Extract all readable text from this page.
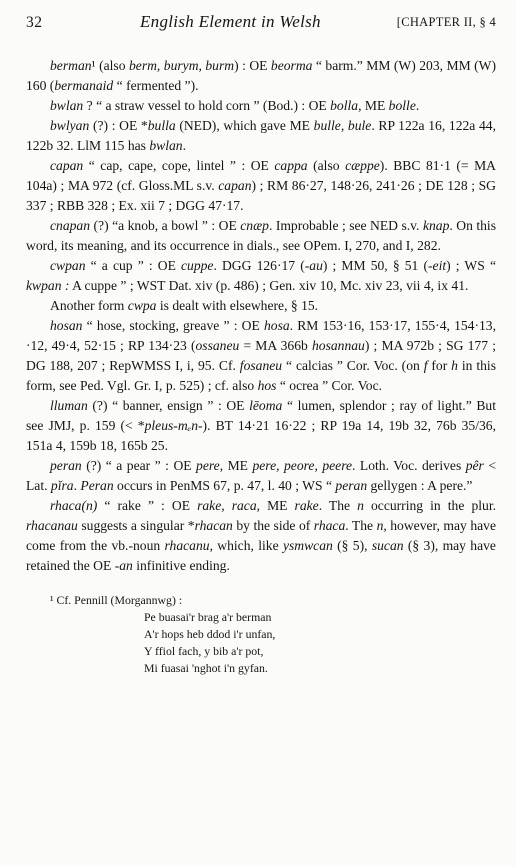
32	English Element in Welsh	[CHAPTER II, § 4

berman¹ (also berm, burym, burm) : OE beorma “ barm.” MM (W) 203, MM (W) 160 (bermanaid “ fermented ”).

bwlan ? “ a straw vessel to hold corn ” (Bod.) : OE bolla, ME bolle.

bwlyan (?) : OE *bulla (NED), which gave ME bulle, bule. RP 122a 16, 122a 44, 122b 32. LlM 115 has bwlan.

capan “ cap, cape, cope, lintel ” : OE cappa (also cæppe). BBC 81·1 (= MA 104a) ; MA 972 (cf. Gloss.ML s.v. capan) ; RM 86·27, 148·26, 241·26 ; DE 128 ; SG 337 ; RBB 328 ; Ex. xii 7 ; DGG 47·17.

cnapan (?) “a knob, a bowl ” : OE cnæp. Improbable ; see NED s.v. knap. On this word, its meaning, and its occurrence in dials., see OPem. I, 270, and I, 282.

cwpan “ a cup ” : OE cuppe. DGG 126·17 (-au) ; MM 50, § 51 (-eit) ; WS “ kwpan : A cuppe ” ; WST Dat. xiv (p. 486) ; Gen. xiv 10, Mc. xiv 23, vii 4, ix 41.

Another form cwpa is dealt with elsewhere, § 15.

hosan “ hose, stocking, greave ” : OE hosa. RM 153·16, 153·17, 155·4, 154·13, ·12, 49·4, 52·15 ; RP 134·23 (ossaneu = MA 366b hosannau) ; MA 972b ; SG 177 ; DG 188, 207 ; RepWMSS I, i, 95. Cf. fosaneu “ calcias ” Cor. Voc. (on f for h in this form, see Ped. Vgl. Gr. I, p. 525) ; cf. also hos “ ocrea ” Cor. Voc.

lluman (?) “ banner, ensign ” : OE lēoma “ lumen, splendor ; ray of light.” But see JMJ, p. 159 (< *pleus-mₑn-). BT 14·21 16·22 ; RP 19a 14, 19b 32, 76b 35/36, 151a 4, 159b 18, 165b 25.

peran (?) “ a pear ” : OE pere, ME pere, peore, peere. Loth. Voc. derives pêr < Lat. pĭra. Peran occurs in PenMS 67, p. 47, l. 40 ; WS “ peran gellygen : A pere.”

rhaca(n) “ rake ” : OE rake, raca, ME rake. The n occurring in the plur. rhacanau suggests a singular *rhacan by the side of rhaca. The n, however, may have come from the vb.-noun rhacanu, which, like ysmwcan (§ 5), sucan (§ 3), may have retained the OE -an infinitive ending.

¹ Cf. Pennill (Morgannwg) :
Pe buasai'r brag a'r berman
A'r hops heb ddod i'r unfan,
Y ffiol fach, y bib a'r pot,
Mi fuasai 'nghot i'n gyfan.
